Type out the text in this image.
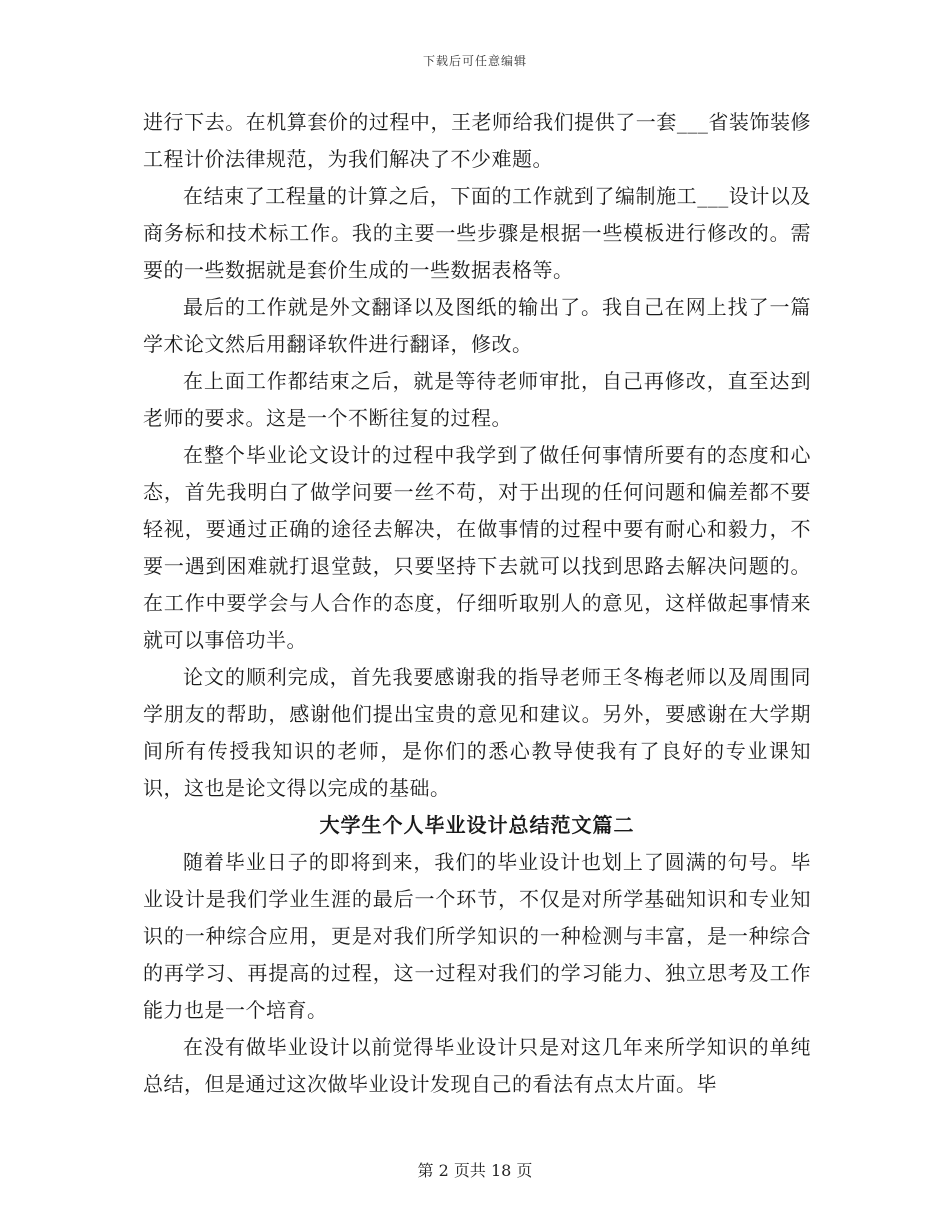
下载后可任意编辑

进行下去。在机算套价的过程中，王老师给我们提供了一套___省装饰装修工程计价法律规范，为我们解决了不少难题。

在结束了工程量的计算之后，下面的工作就到了编制施工___设计以及商务标和技术标工作。我的主要一些步骤是根据一些模板进行修改的。需要的一些数据就是套价生成的一些数据表格等。

最后的工作就是外文翻译以及图纸的输出了。我自己在网上找了一篇学术论文然后用翻译软件进行翻译，修改。

在上面工作都结束之后，就是等待老师审批，自己再修改，直至达到老师的要求。这是一个不断往复的过程。

在整个毕业论文设计的过程中我学到了做任何事情所要有的态度和心态，首先我明白了做学问要一丝不苟，对于出现的任何问题和偏差都不要轻视，要通过正确的途径去解决，在做事情的过程中要有耐心和毅力，不要一遇到困难就打退堂鼓，只要坚持下去就可以找到思路去解决问题的。在工作中要学会与人合作的态度，仔细听取别人的意见，这样做起事情来就可以事倍功半。

论文的顺利完成，首先我要感谢我的指导老师王冬梅老师以及周围同学朋友的帮助，感谢他们提出宝贵的意见和建议。另外，要感谢在大学期间所有传授我知识的老师，是你们的悉心教导使我有了良好的专业课知识，这也是论文得以完成的基础。

大学生个人毕业设计总结范文篇二

随着毕业日子的即将到来，我们的毕业设计也划上了圆满的句号。毕业设计是我们学业生涯的最后一个环节，不仅是对所学基础知识和专业知识的一种综合应用，更是对我们所学知识的一种检测与丰富，是一种综合的再学习、再提高的过程，这一过程对我们的学习能力、独立思考及工作能力也是一个培育。

在没有做毕业设计以前觉得毕业设计只是对这几年来所学知识的单纯总结，但是通过这次做毕业设计发现自己的看法有点太片面。毕

第 2 页共 18 页
